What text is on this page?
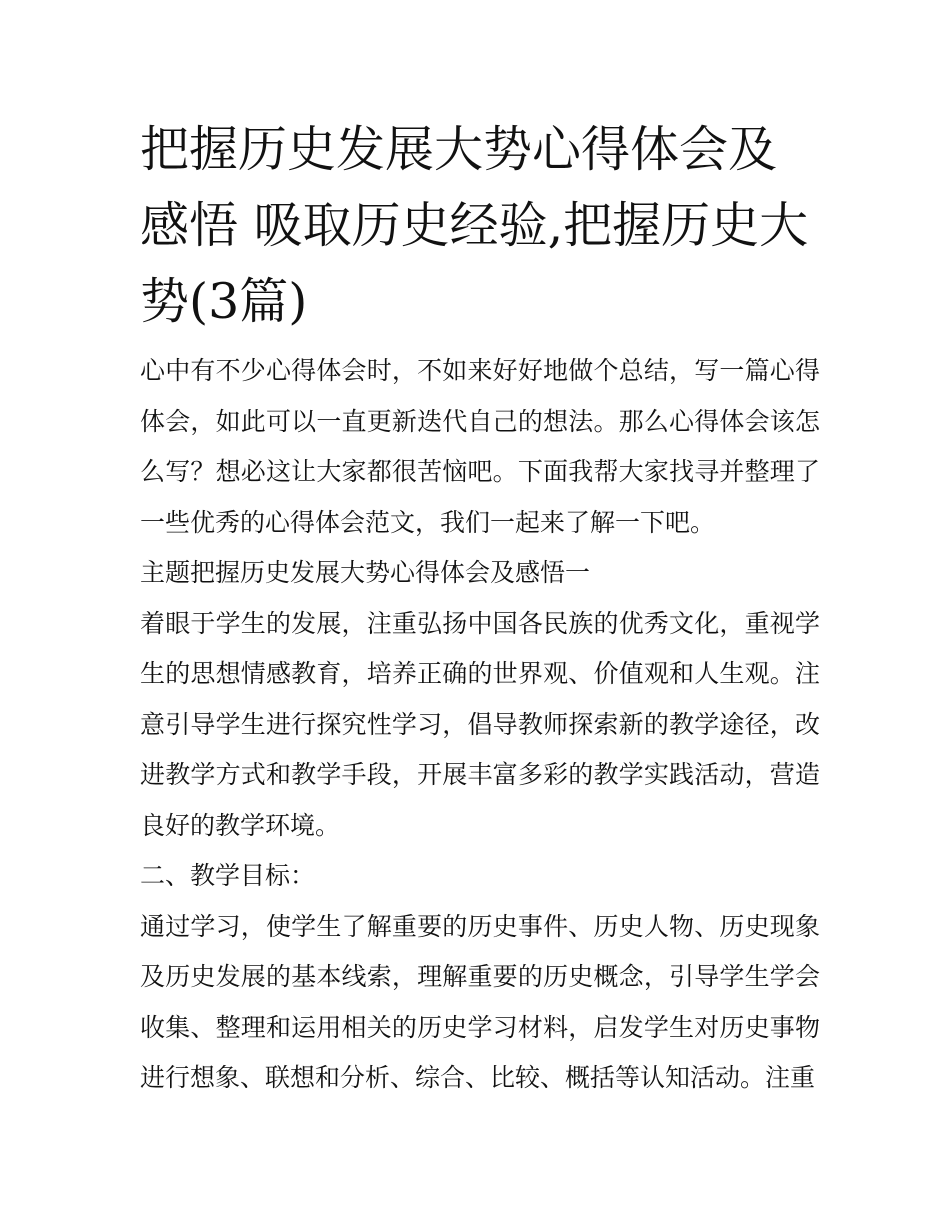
把握历史发展大势心得体会及感悟 吸取历史经验,把握历史大势(3篇)

心中有不少心得体会时，不如来好好地做个总结，写一篇心得体会，如此可以一直更新迭代自己的想法。那么心得体会该怎么写？想必这让大家都很苦恼吧。下面我帮大家找寻并整理了一些优秀的心得体会范文，我们一起来了解一下吧。

主题把握历史发展大势心得体会及感悟一

着眼于学生的发展，注重弘扬中国各民族的优秀文化，重视学生的思想情感教育，培养正确的世界观、价值观和人生观。注意引导学生进行探究性学习，倡导教师探索新的教学途径，改进教学方式和教学手段，开展丰富多彩的教学实践活动，营造良好的教学环境。

二、教学目标：

通过学习，使学生了解重要的历史事件、历史人物、历史现象及历史发展的基本线索，理解重要的历史概念，引导学生学会收集、整理和运用相关的历史学习材料，启发学生对历史事物进行想象、联想和分析、综合、比较、概括等认知活动。注重
